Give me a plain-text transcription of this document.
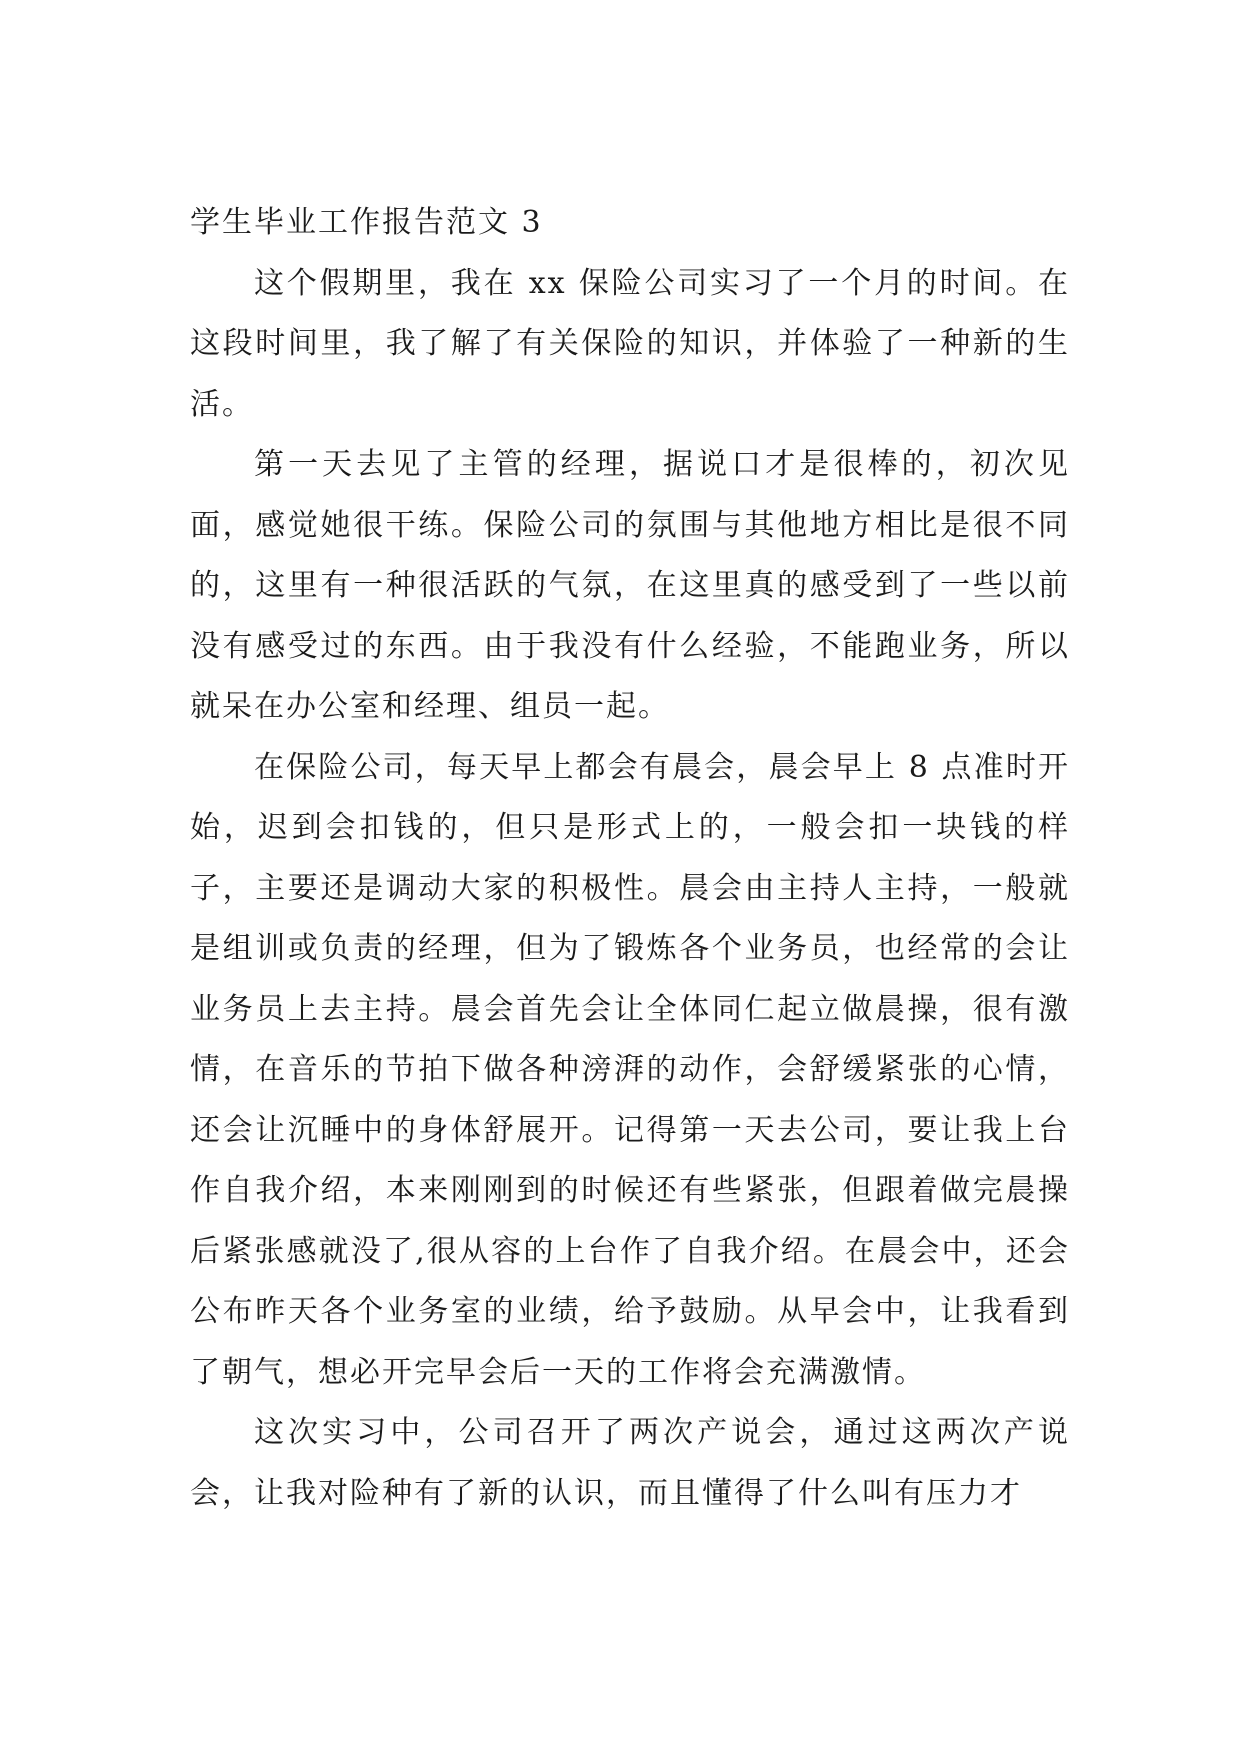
学生毕业工作报告范文 3

这个假期里，我在 xx 保险公司实习了一个月的时间。在这段时间里，我了解了有关保险的知识，并体验了一种新的生活。

第一天去见了主管的经理，据说口才是很棒的，初次见面，感觉她很干练。保险公司的氛围与其他地方相比是很不同的，这里有一种很活跃的气氛，在这里真的感受到了一些以前没有感受过的东西。由于我没有什么经验，不能跑业务，所以就呆在办公室和经理、组员一起。

在保险公司，每天早上都会有晨会，晨会早上 8 点准时开始，迟到会扣钱的，但只是形式上的，一般会扣一块钱的样子，主要还是调动大家的积极性。晨会由主持人主持，一般就是组训或负责的经理，但为了锻炼各个业务员，也经常的会让业务员上去主持。晨会首先会让全体同仁起立做晨操，很有激情，在音乐的节拍下做各种滂湃的动作，会舒缓紧张的心情，还会让沉睡中的身体舒展开。记得第一天去公司，要让我上台作自我介绍，本来刚刚到的时候还有些紧张，但跟着做完晨操后紧张感就没了,很从容的上台作了自我介绍。在晨会中，还会公布昨天各个业务室的业绩，给予鼓励。从早会中，让我看到了朝气，想必开完早会后一天的工作将会充满激情。

这次实习中，公司召开了两次产说会，通过这两次产说会，让我对险种有了新的认识，而且懂得了什么叫有压力才
